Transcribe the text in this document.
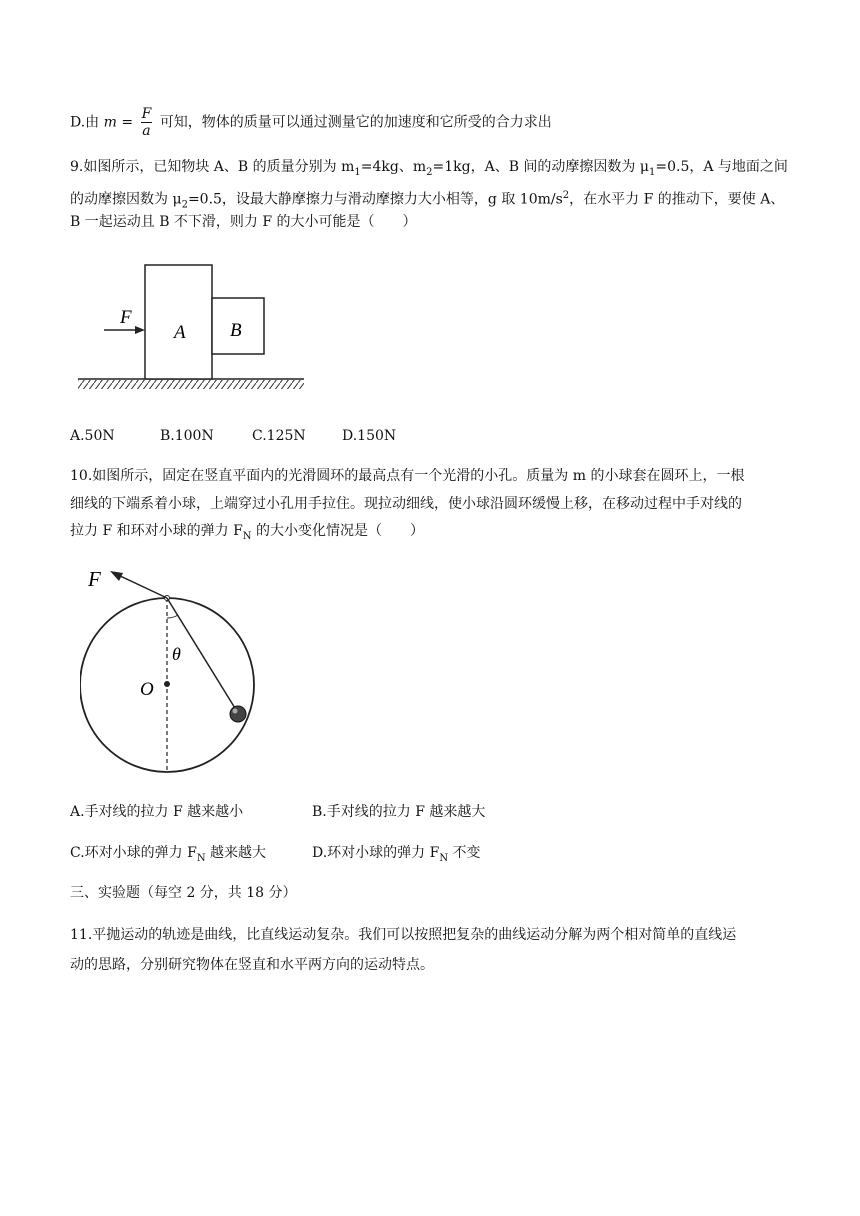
D.由 $m = \frac{F}{a}$ 可知，物体的质量可以通过测量它的加速度和它所受的合力求出
9.如图所示，已知物块 A、B 的质量分别为 $m_1=4kg$、$m_2=1kg$，A、B 间的动摩擦因数为 $\mu_1=0.5$，A 与地面之间
的动摩擦因数为 $\mu_2=0.5$，设最大静摩擦力与滑动摩擦力大小相等，g 取 $10m/s^2$，在水平力 F 的推动下，要使 A、
B 一起运动且 B 不下滑，则力 F 的大小可能是（　　）
F
A B
A.50N	B.100N	C.125N	D.150N
10.如图所示，固定在竖直平面内的光滑圆环的最高点有一个光滑的小孔。质量为 m 的小球套在圆环上，一根
细线的下端系着小球，上端穿过小孔用手拉住。现拉动细线，使小球沿圆环缓慢上移，在移动过程中手对线的
拉力 F 和环对小球的弹力 $F_N$ 的大小变化情况是（　　）
F
θ
O
A.手对线的拉力 F 越来越小	B.手对线的拉力 F 越来越大
C.环对小球的弹力 $F_N$ 越来越大	D.环对小球的弹力 $F_N$ 不变
三、实验题（每空 2 分，共 18 分）
11.平抛运动的轨迹是曲线，比直线运动复杂。我们可以按照把复杂的曲线运动分解为两个相对简单的直线运
动的思路，分别研究物体在竖直和水平两方向的运动特点。
